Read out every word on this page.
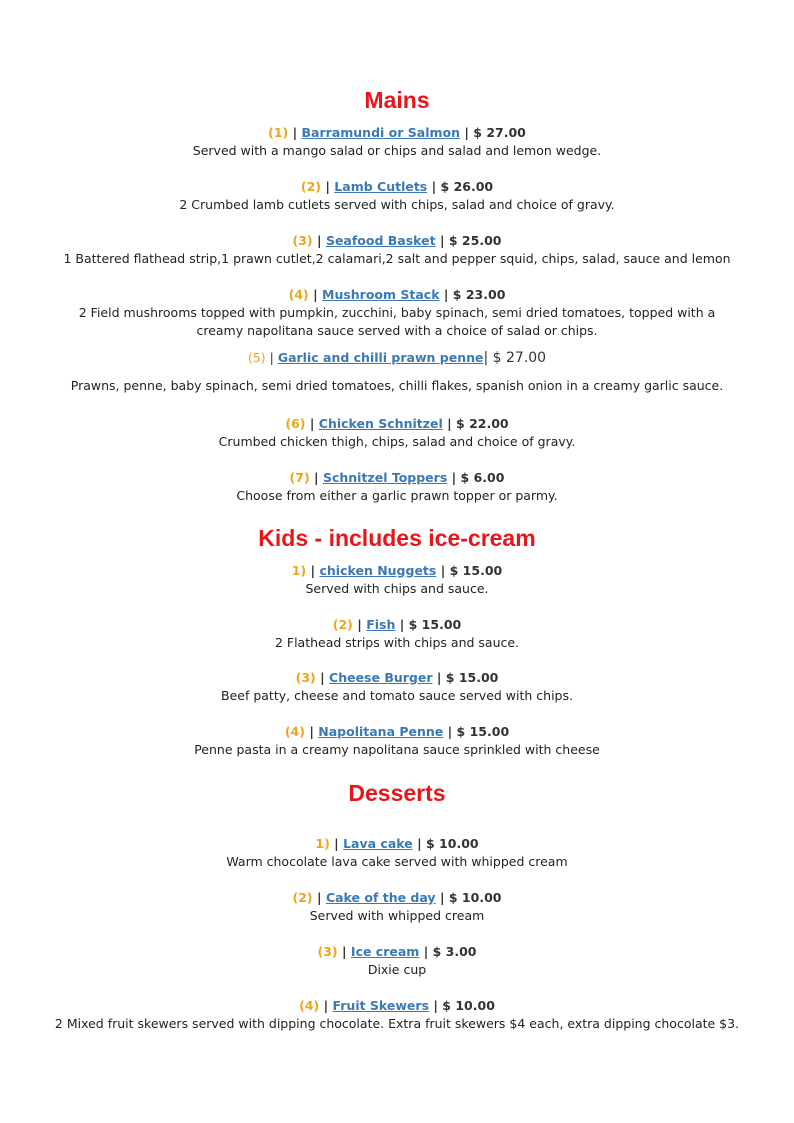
Mains
(1) | Barramundi or Salmon | $ 27.00
Served with a mango salad or chips and salad and lemon wedge.
(2) | Lamb Cutlets | $ 26.00
2 Crumbed lamb cutlets served with chips, salad and choice of gravy.
(3) | Seafood Basket | $ 25.00
1 Battered flathead strip,1 prawn cutlet,2 calamari,2 salt and pepper squid, chips, salad, sauce and lemon
(4) | Mushroom Stack | $ 23.00
2 Field mushrooms topped with pumpkin, zucchini, baby spinach, semi dried tomatoes, topped with a creamy napolitana sauce served with a choice of salad or chips.
(5) | Garlic and chilli prawn penne| $ 27.00
Prawns, penne, baby spinach, semi dried tomatoes, chilli flakes, spanish onion in a creamy garlic sauce.
(6) | Chicken Schnitzel | $ 22.00
Crumbed chicken thigh, chips, salad and choice of gravy.
(7) | Schnitzel Toppers | $ 6.00
Choose from either a garlic prawn topper or parmy.
Kids - includes ice-cream
1) | chicken Nuggets | $ 15.00
Served with chips and sauce.
(2) | Fish | $ 15.00
2 Flathead strips with chips and sauce.
(3) | Cheese Burger | $ 15.00
Beef patty, cheese and tomato sauce served with chips.
(4) | Napolitana Penne | $ 15.00
Penne pasta in a creamy napolitana sauce sprinkled with cheese
Desserts
1) | Lava cake | $ 10.00
Warm chocolate lava cake served with whipped cream
(2) | Cake of the day | $ 10.00
Served with whipped cream
(3) | Ice cream | $ 3.00
Dixie cup
(4) | Fruit Skewers | $ 10.00
2 Mixed fruit skewers served with dipping chocolate. Extra fruit skewers $4 each, extra dipping chocolate $3.
